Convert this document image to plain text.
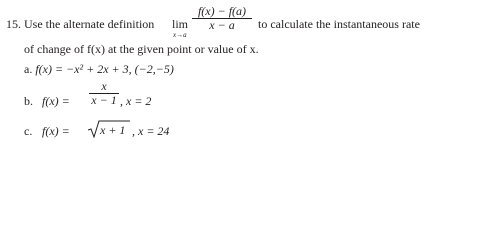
15. Use the alternate definition lim
x→a
f(x) − f(a)
x − a	to calculate the instantaneous rate
of change of f(x) at the given point or value of x.
a. f(x) = −x² + 2x + 3, (−2,−5)
b. f(x) =
x
x − 1 , x = 2
c. f(x) =	x + 1 , x = 24
